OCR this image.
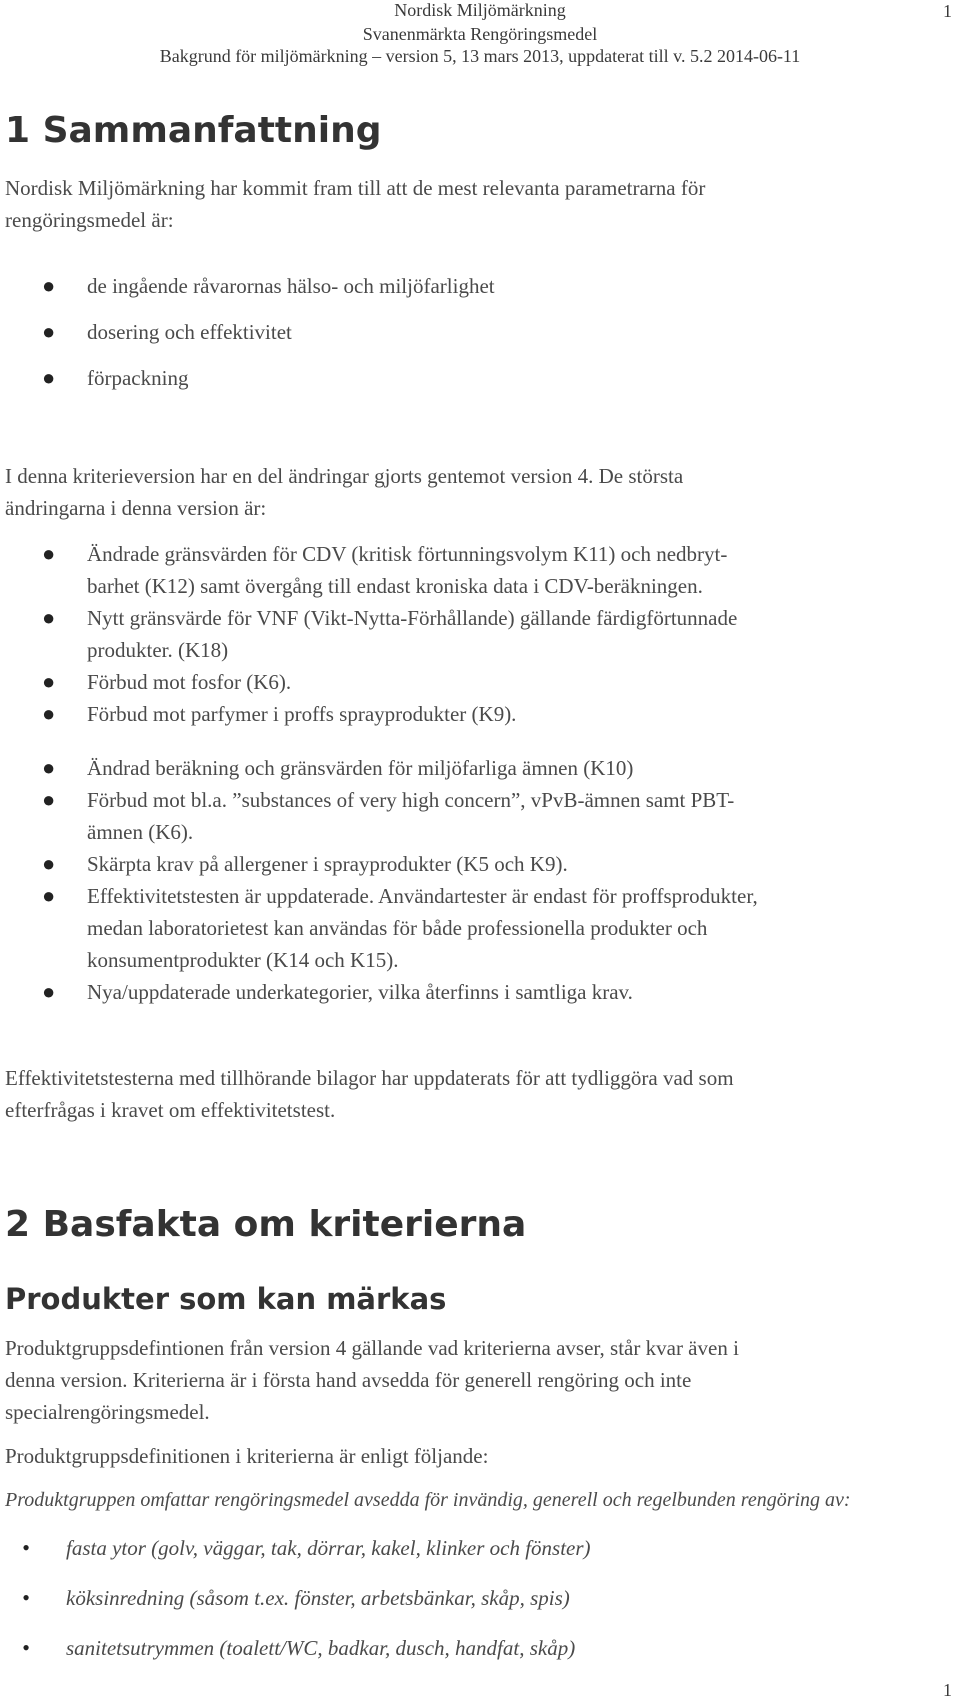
Nordisk Miljömärkning
Svanenmärkta Rengöringsmedel
Bakgrund för miljömärkning – version 5, 13 mars 2013, uppdaterat till v. 5.2 2014-06-11
1
1 Sammanfattning
Nordisk Miljömärkning har kommit fram till att de mest relevanta parametrarna för
rengöringsmedel är:
● de ingående råvarornas hälso- och miljöfarlighet
● dosering och effektivitet
● förpackning
I denna kriterieversion har en del ändringar gjorts gentemot version 4. De största
ändringarna i denna version är:
● Ändrade gränsvärden för CDV (kritisk förtunningsvolym K11) och nedbryt-
barhet (K12) samt övergång till endast kroniska data i CDV-beräkningen.
● Nytt gränsvärde för VNF (Vikt-Nytta-Förhållande) gällande färdigförtunnade
produkter. (K18)
● Förbud mot fosfor (K6).
● Förbud mot parfymer i proffs sprayprodukter (K9).
● Ändrad beräkning och gränsvärden för miljöfarliga ämnen (K10)
● Förbud mot bl.a. ”substances of very high concern”, vPvB-ämnen samt PBT-
ämnen (K6).
● Skärpta krav på allergener i sprayprodukter (K5 och K9).
● Effektivitetstesten är uppdaterade. Användartester är endast för proffsprodukter,
medan laboratorietest kan användas för både professionella produkter och
konsumentprodukter (K14 och K15).
● Nya/uppdaterade underkategorier, vilka återfinns i samtliga krav.
Effektivitetstesterna med tillhörande bilagor har uppdaterats för att tydliggöra vad som
efterfrågas i kravet om effektivitetstest.
2 Basfakta om kriterierna
Produkter som kan märkas
Produktgruppsdefintionen från version 4 gällande vad kriterierna avser, står kvar även i
denna version. Kriterierna är i första hand avsedda för generell rengöring och inte
specialrengöringsmedel.
Produktgruppsdefinitionen i kriterierna är enligt följande:
Produktgruppen omfattar rengöringsmedel avsedda för invändig, generell och regelbunden rengöring av:
• fasta ytor (golv, väggar, tak, dörrar, kakel, klinker och fönster)
• köksinredning (såsom t.ex. fönster, arbetsbänkar, skåp, spis)
• sanitetsutrymmen (toalett/WC, badkar, dusch, handfat, skåp)
1
